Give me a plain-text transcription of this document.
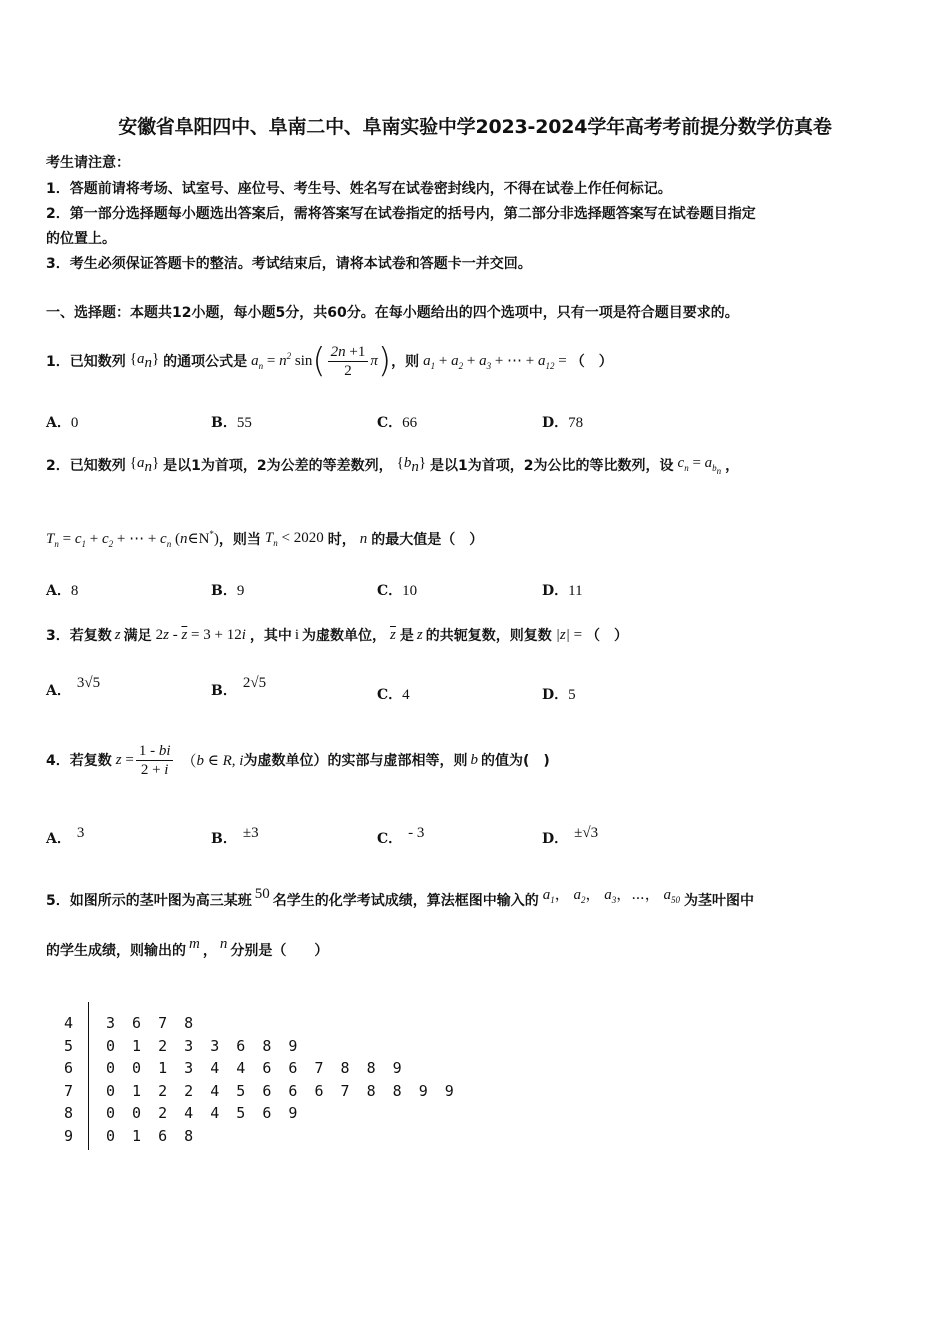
安徽省阜阳四中、阜南二中、阜南实验中学2023-2024学年高考考前提分数学仿真卷
考生请注意：
1．答题前请将考场、试室号、座位号、考生号、姓名写在试卷密封线内，不得在试卷上作任何标记。
2．第一部分选择题每小题选出答案后，需将答案写在试卷指定的括号内，第二部分非选择题答案写在试卷题目指定
的位置上。
3．考生必须保证答题卡的整洁。考试结束后，请将本试卷和答题卡一并交回。
一、选择题：本题共12小题，每小题5分，共60分。在每小题给出的四个选项中，只有一项是符合题目要求的。
1．已知数列 $\{a_n\}$ 的通项公式是 $a_n = n^2$ sin ( $\frac{2n +1}{2}$ π ) ，则 $a_1 + a_2 + a_3$ + ⋯ + $a_{12}$ = （　）
A．0	B．55	C．66	D．78
2．已知数列 $\{a_n\}$ 是以1为首项，2为公差的等差数列， $\{b_n\}$ 是以1为首项，2为公比的等比数列，设 $c_n = a_{b_n}$ ，
$T_n = c_1 + c_2$ + ⋯ + $c_n$ (n∈N*) ，则当 $T_n < 2020$ 时， n 的最大值是（　）
A．8	B．9	C．10	D．11
3．若复数 z 满足 $2z - \overline{z} = 3 + 12i$ ，其中 i 为虚数单位， $\overline{z}$ 是 z 的共轭复数，则复数 |z| = （　）
A． 3√5	B． 2√5
C．4	D．5
4．若复数 $z = \frac{1 - bi}{2 + i}$ （ b ∈ R, i 为虚数单位）的实部与虚部相等，则 b 的值为(　)
A． 3	B． ±3	C． - 3	D． ±√3
5．如图所示的茎叶图为高三某班 50 名学生的化学考试成绩，算法框图中输入的 $a_1$， $a_2$， $a_3$，⋯， $a_{50}$ 为茎叶图中
的学生成绩，则输出的 m ， n 分别是（　　）
4	3 6 7 8
5	0 1 2 3 3 6 8 9
6	0 0 1 3 4 4 6 6 7 8 8 9
7	0 1 2 2 4 5 6 6 6 7 8 8 9 9
8	0 0 2 4 4 5 6 9
9	0 1 6 8
